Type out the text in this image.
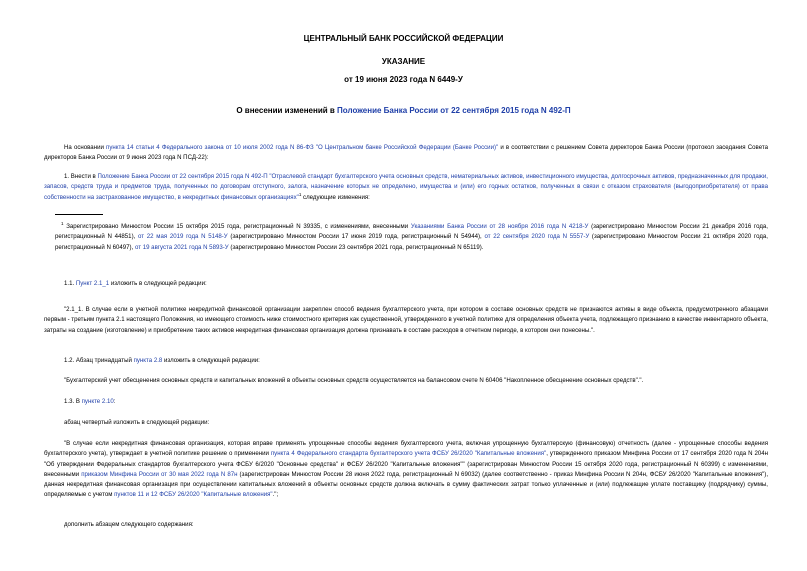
ЦЕНТРАЛЬНЫЙ БАНК РОССИЙСКОЙ ФЕДЕРАЦИИ
УКАЗАНИЕ
от 19 июня 2023 года N 6449-У
О внесении изменений в Положение Банка России от 22 сентября 2015 года N 492-П
На основании пункта 14 статьи 4 Федерального закона от 10 июля 2002 года N 86-ФЗ "О Центральном банке Российской Федерации (Банке России)" и в соответствии с решением Совета директоров Банка России (протокол заседания Совета директоров Банка России от 9 июня 2023 года N ПСД-22):
1. Внести в Положение Банка России от 22 сентября 2015 года N 492-П "Отраслевой стандарт бухгалтерского учета основных средств, нематериальных активов, инвестиционного имущества, долгосрочных активов, предназначенных для продажи, запасов, средств труда и предметов труда, полученных по договорам отступного, залога, назначение которых не определено, имущества и (или) его годных остатков, полученных в связи с отказом страхователя (выгодоприобретателя) от права собственности на застрахованное имущество, в некредитных финансовых организациях"$^1$ следующие изменения:
$^1$ Зарегистрировано Минюстом России 15 октября 2015 года, регистрационный N 39335, с изменениями, внесенными Указаниями Банка России от 28 ноября 2016 года N 4218-У (зарегистрировано Минюстом России 21 декабря 2016 года, регистрационный N 44851), от 22 мая 2019 года N 5148-У (зарегистрировано Минюстом России 17 июня 2019 года, регистрационный N 54944), от 22 сентября 2020 года N 5557-У (зарегистрировано Минюстом России 21 октября 2020 года, регистрационный N 60497), от 19 августа 2021 года N 5893-У (зарегистрировано Минюстом России 23 сентября 2021 года, регистрационный N 65119).
1.1. Пункт 2.1_1 изложить в следующей редакции:
"2.1_1. В случае если в учетной политике некредитной финансовой организации закреплен способ ведения бухгалтерского учета, при котором в составе основных средств не признаются активы в виде объекта, предусмотренного абзацами первым - третьим пункта 2.1 настоящего Положения, но имеющего стоимость ниже стоимостного критерия как существенной, утвержденного в учетной политике для определения объекта учета, подлежащего признанию в качестве инвентарного объекта, затраты на создание (изготовление) и приобретение таких активов некредитная финансовая организация должна признавать в составе расходов в отчетном периоде, в котором они понесены.".
1.2. Абзац тринадцатый пункта 2.8 изложить в следующей редакции:
"Бухгалтерский учет обесценения основных средств и капитальных вложений в объекты основных средств осуществляется на балансовом счете N 60406 "Накопленное обесценение основных средств".".
1.3. В пункте 2.10:
абзац четвертый изложить в следующей редакции:
"В случае если некредитная финансовая организация, которая вправе применять упрощенные способы ведения бухгалтерского учета, включая упрощенную бухгалтерскую (финансовую) отчетность (далее - упрощенные способы ведения бухгалтерского учета), утверждает в учетной политике решение о применении пункта 4 Федерального стандарта бухгалтерского учета ФСБУ 26/2020 "Капитальные вложения", утвержденного приказом Минфина России от 17 сентября 2020 года N 204н "Об утверждении Федеральных стандартов бухгалтерского учета ФСБУ 6/2020 "Основные средства" и ФСБУ 26/2020 "Капитальные вложения"" (зарегистрирован Минюстом России 15 октября 2020 года, регистрационный N 60399) с изменениями, внесенными приказом Минфина России от 30 мая 2022 года N 87н (зарегистрирован Минюстом России 28 июня 2022 года, регистрационный N 69032) (далее соответственно - приказ Минфина России N 204н, ФСБУ 26/2020 "Капитальные вложения"), данная некредитная финансовая организация при осуществлении капитальных вложений в объекты основных средств должна включать в сумму фактических затрат только уплаченные и (или) подлежащие уплате поставщику (подрядчику) суммы, определяемые с учетом пунктов 11 и 12 ФСБУ 26/2020 "Капитальные вложения".";
дополнить абзацем следующего содержания:
